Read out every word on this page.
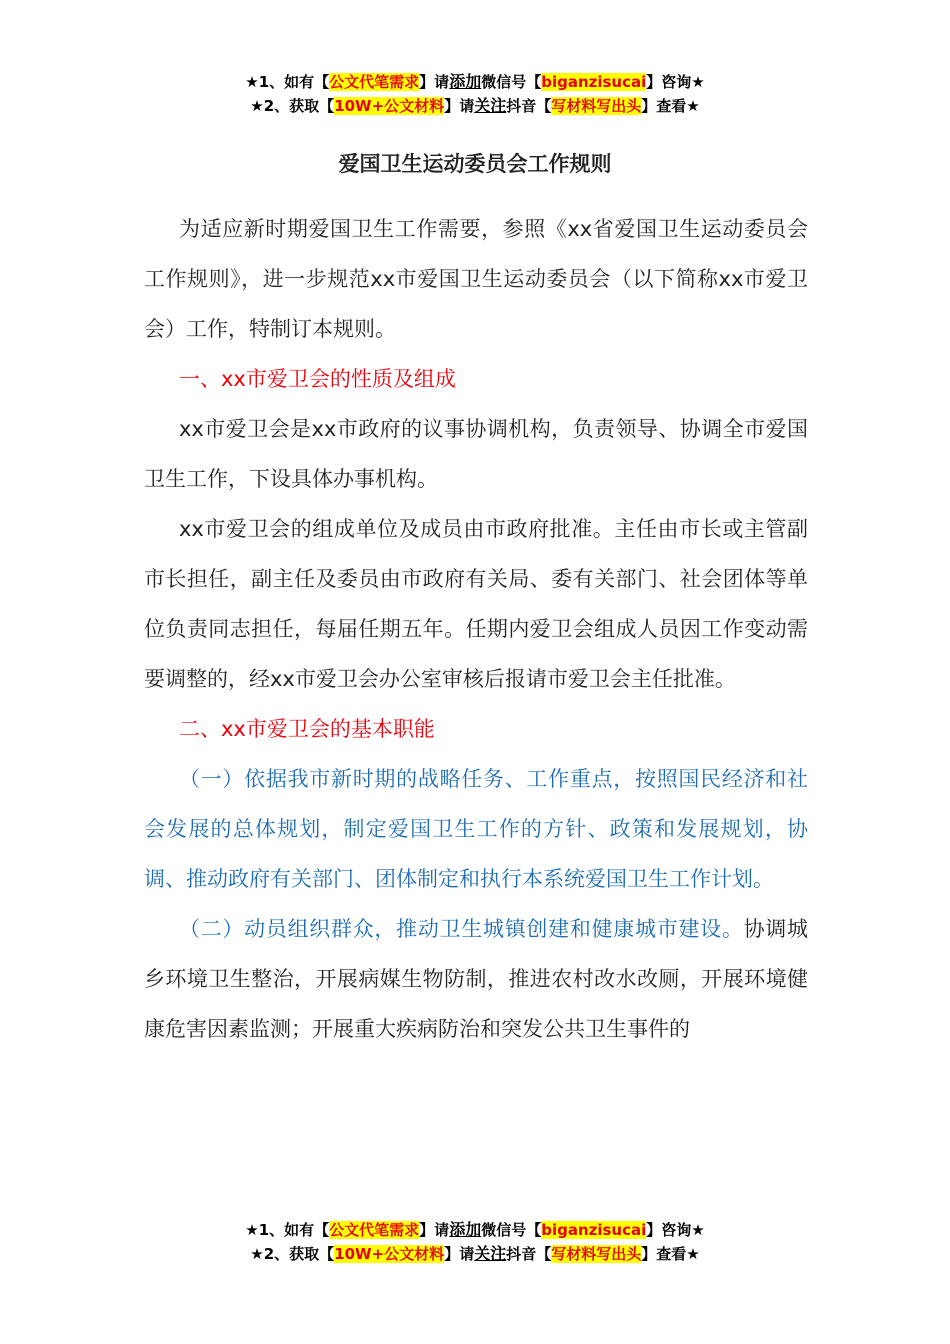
★1、如有【公文代笔需求】请添加微信号【biganzisucai】咨询★
★2、获取【10W+公文材料】请关注抖音【写材料写出头】查看★
爱国卫生运动委员会工作规则

为适应新时期爱国卫生工作需要，参照《xx省爱国卫生运动委员会工作规则》，进一步规范xx市爱国卫生运动委员会（以下简称xx市爱卫会）工作，特制订本规则。

一、xx市爱卫会的性质及组成

xx市爱卫会是xx市政府的议事协调机构，负责领导、协调全市爱国卫生工作，下设具体办事机构。

xx市爱卫会的组成单位及成员由市政府批准。主任由市长或主管副市长担任，副主任及委员由市政府有关局、委有关部门、社会团体等单位负责同志担任，每届任期五年。任期内爱卫会组成人员因工作变动需要调整的，经xx市爱卫会办公室审核后报请市爱卫会主任批准。

二、xx市爱卫会的基本职能

（一）依据我市新时期的战略任务、工作重点，按照国民经济和社会发展的总体规划，制定爱国卫生工作的方针、政策和发展规划，协调、推动政府有关部门、团体制定和执行本系统爱国卫生工作计划。

（二）动员组织群众，推动卫生城镇创建和健康城市建设。协调城乡环境卫生整治，开展病媒生物防制，推进农村改水改厕，开展环境健康危害因素监测；开展重大疾病防治和突发公共卫生事件的

★1、如有【公文代笔需求】请添加微信号【biganzisucai】咨询★
★2、获取【10W+公文材料】请关注抖音【写材料写出头】查看★
